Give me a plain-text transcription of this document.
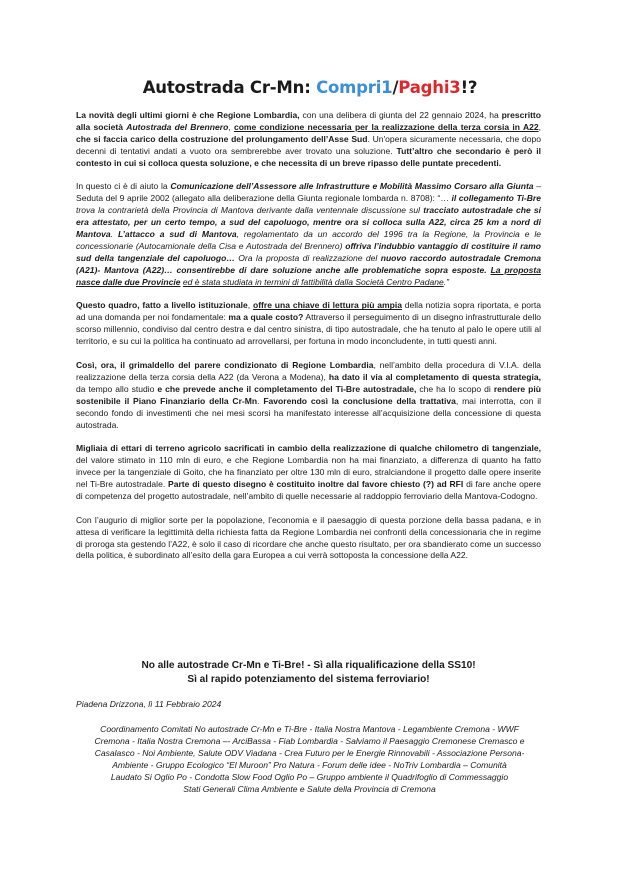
Autostrada Cr-Mn: Compri1/Paghi3!?

La novità degli ultimi giorni è che Regione Lombardia, con una delibera di giunta del 22 gennaio 2024, ha prescritto alla società Autostrada del Brennero, come condizione necessaria per la realizzazione della terza corsia in A22, che si faccia carico della costruzione del prolungamento dell’Asse Sud. Un'opera sicuramente necessaria, che dopo decenni di tentativi andati a vuoto ora sembrerebbe aver trovato una soluzione. Tutt’altro che secondario è però il contesto in cui si colloca questa soluzione, e che necessita di un breve ripasso delle puntate precedenti.

In questo ci è di aiuto la Comunicazione dell’Assessore alle Infrastrutture e Mobilità Massimo Corsaro alla Giunta – Seduta del 9 aprile 2002 (allegato alla deliberazione della Giunta regionale lombarda n. 8708): “… il collegamento Ti-Bre trova la contrarietà della Provincia di Mantova derivante dalla ventennale discussione sul tracciato autostradale che si era attestato, per un certo tempo, a sud del capoluogo, mentre ora si colloca sulla A22, circa 25 km a nord di Mantova. L’attacco a sud di Mantova, regolamentato da un accordo del 1996 tra la Regione, la Provincia e le concessionarie (Autocamionale della Cisa e Autostrada del Brennero) offriva l’indubbio vantaggio di costituire il ramo sud della tangenziale del capoluogo… Ora la proposta di realizzazione del nuovo raccordo autostradale Cremona (A21)- Mantova (A22)… consentirebbe di dare soluzione anche alle problematiche sopra esposte. La proposta nasce dalle due Provincie ed è stata studiata in termini di fattibilità dalla Società Centro Padane.”

Questo quadro, fatto a livello istituzionale, offre una chiave di lettura più ampia della notizia sopra riportata, e porta ad una domanda per noi fondamentale: ma a quale costo? Attraverso il perseguimento di un disegno infrastrutturale dello scorso millennio, condiviso dal centro destra e dal centro sinistra, di tipo autostradale, che ha tenuto al palo le opere utili al territorio, e su cui la politica ha continuato ad arrovellarsi, per fortuna in modo inconcludente, in tutti questi anni.

Così, ora, il grimaldello del parere condizionato di Regione Lombardia, nell’ambito della procedura di V.I.A. della realizzazione della terza corsia della A22 (da Verona a Modena), ha dato il via al completamento di questa strategia, da tempo allo studio e che prevede anche il completamento del Ti-Bre autostradale, che ha lo scopo di rendere più sostenibile il Piano Finanziario della Cr-Mn. Favorendo così la conclusione della trattativa, mai interrotta, con il secondo fondo di investimenti che nei mesi scorsi ha manifestato interesse all’acquisizione della concessione di questa autostrada.

Migliaia di ettari di terreno agricolo sacrificati in cambio della realizzazione di qualche chilometro di tangenziale, del valore stimato in 110 mln di euro, e che Regione Lombardia non ha mai finanziato, a differenza di quanto ha fatto invece per la tangenziale di Goito, che ha finanziato per oltre 130 mln di euro, stralciandone il progetto dalle opere inserite nel Ti-Bre autostradale. Parte di questo disegno è costituito inoltre dal favore chiesto (?) ad RFI di fare anche opere di competenza del progetto autostradale, nell’ambito di quelle necessarie al raddoppio ferroviario della Mantova-Codogno.

Con l’augurio di miglior sorte per la popolazione, l’economia e il paesaggio di questa porzione della bassa padana, e in attesa di verificare la legittimità della richiesta fatta da Regione Lombardia nei confronti della concessionaria che in regime di proroga sta gestendo l’A22, è solo il caso di ricordare che anche questo risultato, per ora sbandierato come un successo della politica, è subordinato all’esito della gara Europea a cui verrà sottoposta la concessione della A22.

No alle autostrade Cr-Mn e Ti-Bre! - Sì alla riqualificazione della SS10!
Sì al rapido potenziamento del sistema ferroviario!
Piadena Drizzona, lì 11 Febbraio 2024
Coordinamento Comitati No autostrade Cr-Mn e Ti-Bre - Italia Nostra Mantova - Legambiente Cremona - WWF
Cremona - Italia Nostra Cremona –- ArciBassa - Fiab Lombardia - Salviamo il Paesaggio Cremonese Cremasco e
Casalasco - Noi Ambiente, Salute ODV Viadana - Crea Futuro per le Energie Rinnovabili - Associazione Persona-
Ambiente - Gruppo Ecologico “El Muroon” Pro Natura - Forum delle idee - NoTriv Lombardia – Comunità
Laudato Si Oglio Po - Condotta Slow Food Oglio Po – Gruppo ambiente il Quadrifoglio di Commessaggio
Stati Generali Clima Ambiente e Salute della Provincia di Cremona
